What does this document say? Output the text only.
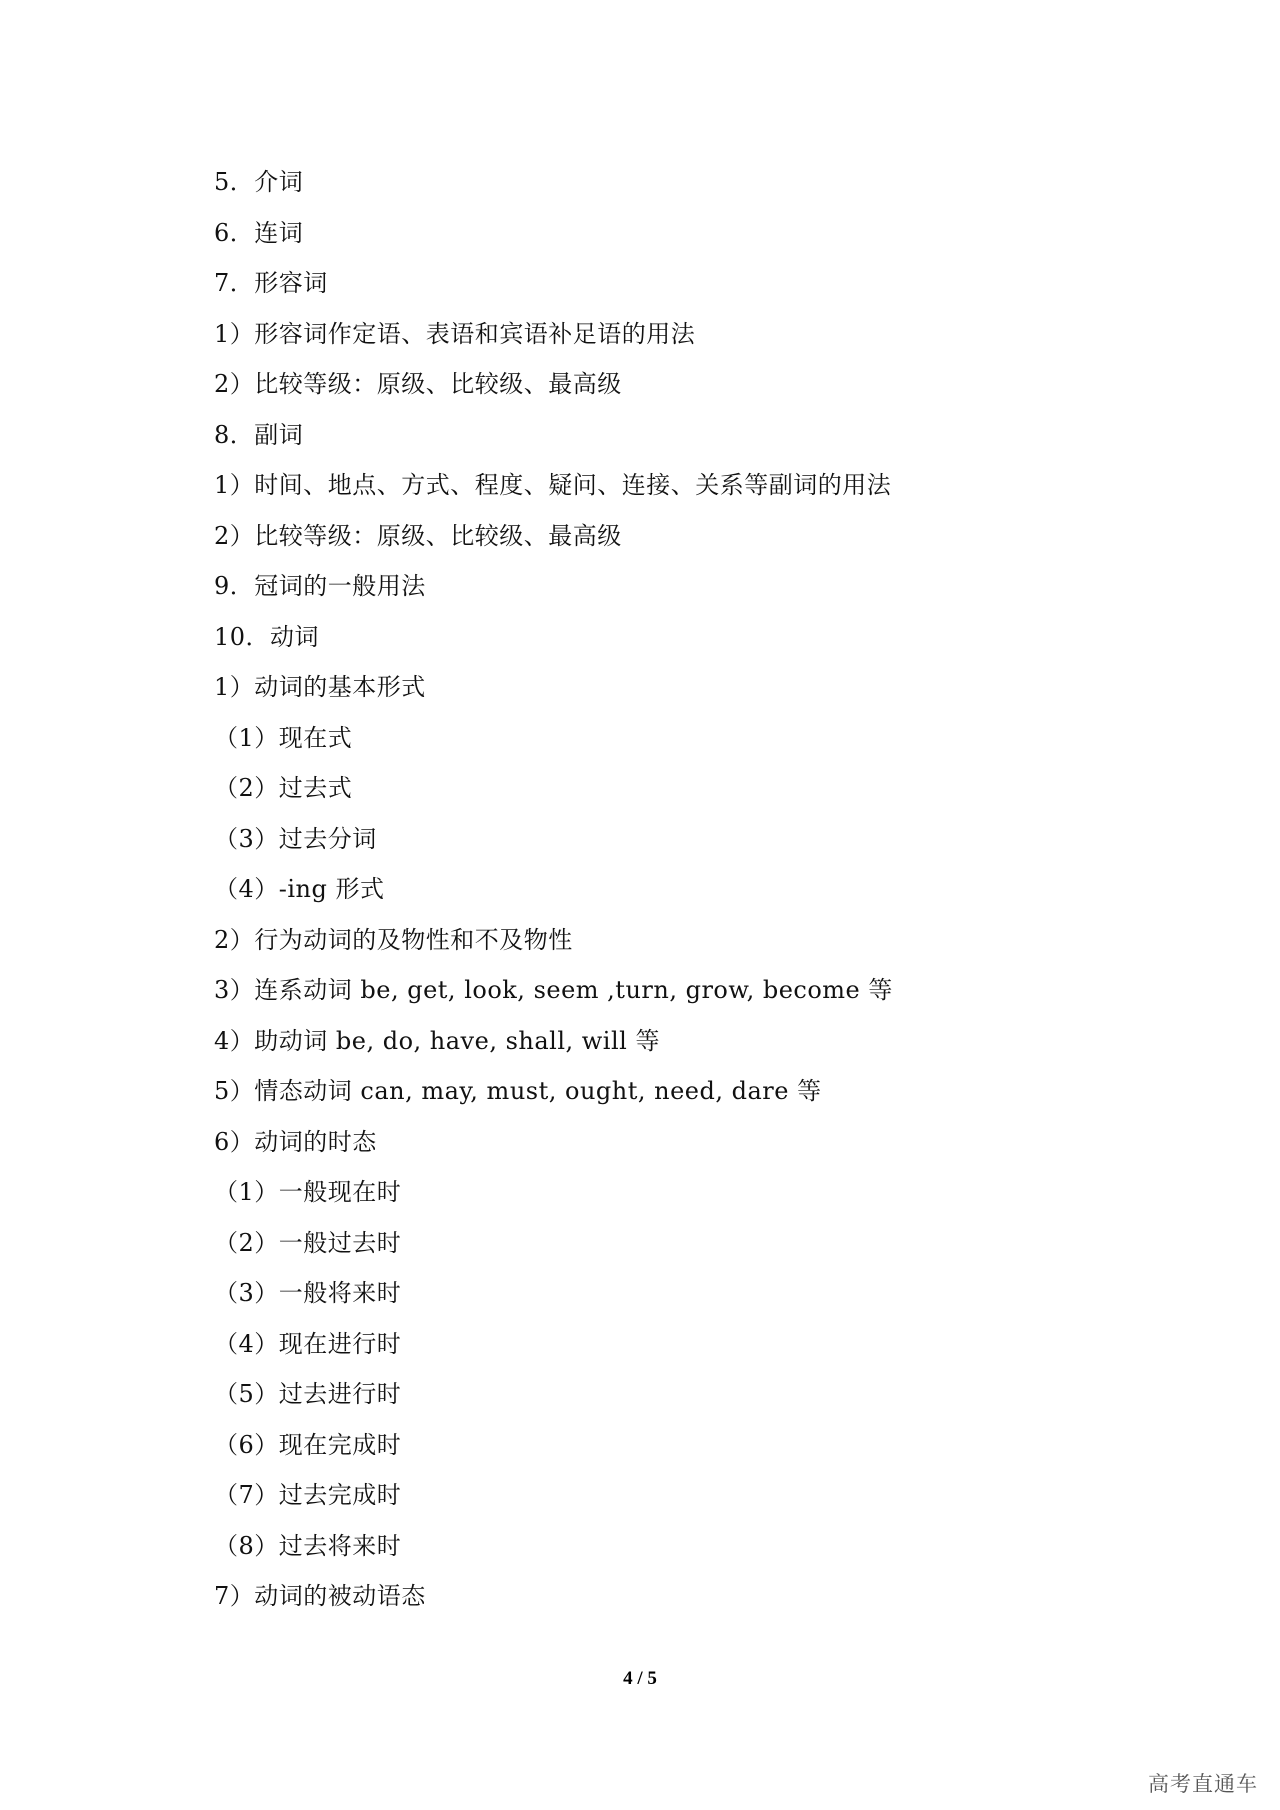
5．介词
6．连词
7．形容词
1）形容词作定语、表语和宾语补足语的用法
2）比较等级：原级、比较级、最高级
8．副词
1）时间、地点、方式、程度、疑问、连接、关系等副词的用法
2）比较等级：原级、比较级、最高级
9．冠词的一般用法
10．动词
1）动词的基本形式
（1）现在式
（2）过去式
（3）过去分词
（4）-ing 形式
2）行为动词的及物性和不及物性
3）连系动词 be, get, look, seem ,turn, grow, become 等
4）助动词 be, do, have, shall, will 等
5）情态动词 can, may, must, ought, need, dare 等
6）动词的时态
（1）一般现在时
（2）一般过去时
（3）一般将来时
（4）现在进行时
（5）过去进行时
（6）现在完成时
（7）过去完成时
（8）过去将来时
7）动词的被动语态
4 / 5
高考直通车
